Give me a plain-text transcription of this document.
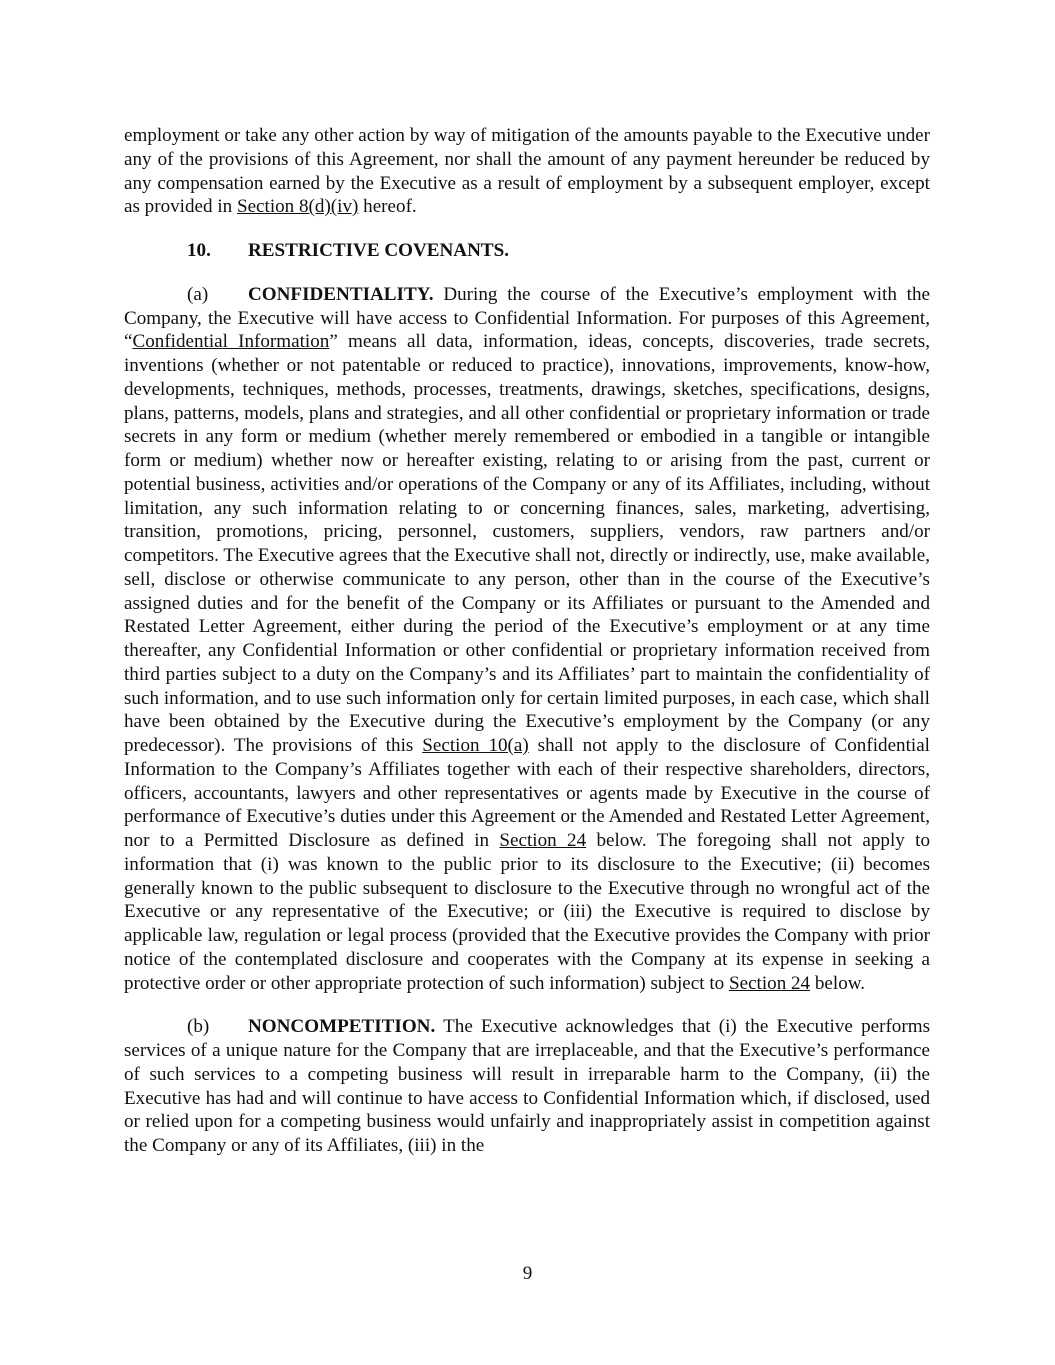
employment or take any other action by way of mitigation of the amounts payable to the Executive under any of the provisions of this Agreement, nor shall the amount of any payment hereunder be reduced by any compensation earned by the Executive as a result of employment by a subsequent employer, except as provided in Section 8(d)(iv) hereof.

10. RESTRICTIVE COVENANTS.

(a) CONFIDENTIALITY. During the course of the Executive’s employment with the Company, the Executive will have access to Confidential Information. For purposes of this Agreement, “Confidential Information” means all data, information, ideas, concepts, discoveries, trade secrets, inventions (whether or not patentable or reduced to practice), innovations, improvements, know-how, developments, techniques, methods, processes, treatments, drawings, sketches, specifications, designs, plans, patterns, models, plans and strategies, and all other confidential or proprietary information or trade secrets in any form or medium (whether merely remembered or embodied in a tangible or intangible form or medium) whether now or hereafter existing, relating to or arising from the past, current or potential business, activities and/or operations of the Company or any of its Affiliates, including, without limitation, any such information relating to or concerning finances, sales, marketing, advertising, transition, promotions, pricing, personnel, customers, suppliers, vendors, raw partners and/or competitors. The Executive agrees that the Executive shall not, directly or indirectly, use, make available, sell, disclose or otherwise communicate to any person, other than in the course of the Executive’s assigned duties and for the benefit of the Company or its Affiliates or pursuant to the Amended and Restated Letter Agreement, either during the period of the Executive’s employment or at any time thereafter, any Confidential Information or other confidential or proprietary information received from third parties subject to a duty on the Company’s and its Affiliates’ part to maintain the confidentiality of such information, and to use such information only for certain limited purposes, in each case, which shall have been obtained by the Executive during the Executive’s employment by the Company (or any predecessor). The provisions of this Section 10(a) shall not apply to the disclosure of Confidential Information to the Company’s Affiliates together with each of their respective shareholders, directors, officers, accountants, lawyers and other representatives or agents made by Executive in the course of performance of Executive’s duties under this Agreement or the Amended and Restated Letter Agreement, nor to a Permitted Disclosure as defined in Section 24 below. The foregoing shall not apply to information that (i) was known to the public prior to its disclosure to the Executive; (ii) becomes generally known to the public subsequent to disclosure to the Executive through no wrongful act of the Executive or any representative of the Executive; or (iii) the Executive is required to disclose by applicable law, regulation or legal process (provided that the Executive provides the Company with prior notice of the contemplated disclosure and cooperates with the Company at its expense in seeking a protective order or other appropriate protection of such information) subject to Section 24 below.

(b) NONCOMPETITION. The Executive acknowledges that (i) the Executive performs services of a unique nature for the Company that are irreplaceable, and that the Executive’s performance of such services to a competing business will result in irreparable harm to the Company, (ii) the Executive has had and will continue to have access to Confidential Information which, if disclosed, used or relied upon for a competing business would unfairly and inappropriately assist in competition against the Company or any of its Affiliates, (iii) in the

9
